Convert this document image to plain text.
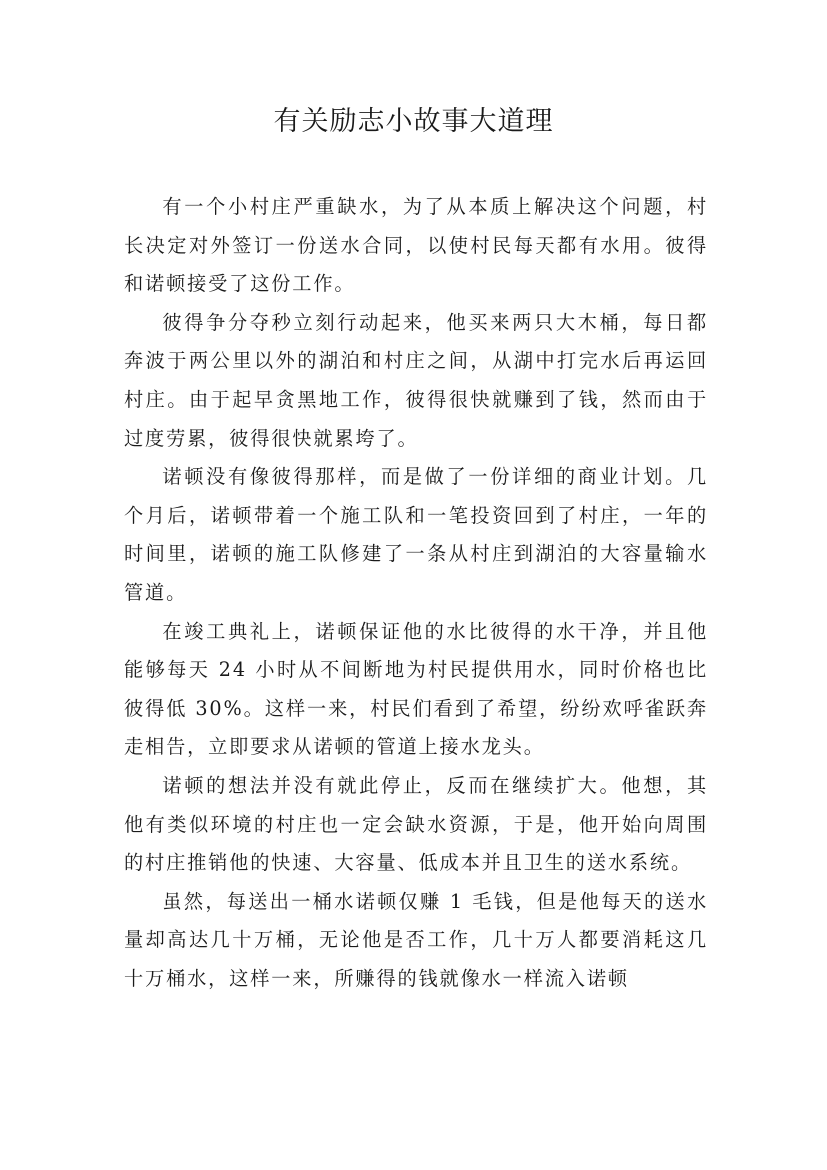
有关励志小故事大道理

有一个小村庄严重缺水，为了从本质上解决这个问题，村长决定对外签订一份送水合同，以使村民每天都有水用。彼得和诺顿接受了这份工作。

彼得争分夺秒立刻行动起来，他买来两只大木桶，每日都奔波于两公里以外的湖泊和村庄之间，从湖中打完水后再运回村庄。由于起早贪黑地工作，彼得很快就赚到了钱，然而由于过度劳累，彼得很快就累垮了。

诺顿没有像彼得那样，而是做了一份详细的商业计划。几个月后，诺顿带着一个施工队和一笔投资回到了村庄，一年的时间里，诺顿的施工队修建了一条从村庄到湖泊的大容量输水管道。

在竣工典礼上，诺顿保证他的水比彼得的水干净，并且他能够每天 24 小时从不间断地为村民提供用水，同时价格也比彼得低 30%。这样一来，村民们看到了希望，纷纷欢呼雀跃奔走相告，立即要求从诺顿的管道上接水龙头。

诺顿的想法并没有就此停止，反而在继续扩大。他想，其他有类似环境的村庄也一定会缺水资源，于是，他开始向周围的村庄推销他的快速、大容量、低成本并且卫生的送水系统。

虽然，每送出一桶水诺顿仅赚 1 毛钱，但是他每天的送水量却高达几十万桶，无论他是否工作，几十万人都要消耗这几十万桶水，这样一来，所赚得的钱就像水一样流入诺顿
